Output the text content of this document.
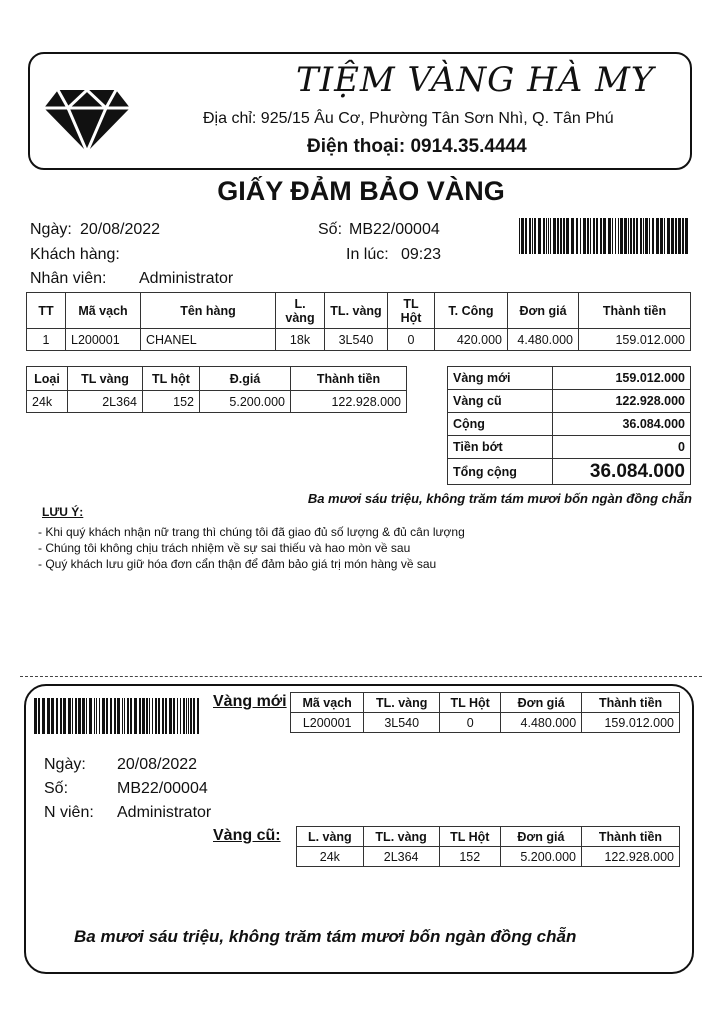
TIỆM VÀNG HÀ MY
Địa chỉ: 925/15 Âu Cơ, Phường Tân Sơn Nhì, Q. Tân Phú
Điện thoại: 0914.35.4444
GIẤY ĐẢM BẢO VÀNG
Ngày: 20/08/2022	Số: MB22/00004
Khách hàng:	In lúc: 09:23
Nhân viên: Administrator
TT	Mã vạch	Tên hàng	L. vàng	TL. vàng	TL Hột	T. Công	Đơn giá	Thành tiền
1	L200001	CHANEL	18k	3L540	0	420.000	4.480.000	159.012.000
Loại	TL vàng	TL hột	Đ.giá	Thành tiền
24k	2L364	152	5.200.000	122.928.000
Vàng mới	159.012.000
Vàng cũ	122.928.000
Cộng	36.084.000
Tiền bớt	0
Tổng cộng	36.084.000
Ba mươi sáu triệu, không trăm tám mươi bốn ngàn đồng chẵn
LƯU Ý:
- Khi quý khách nhận nữ trang thì chúng tôi đã giao đủ số lượng & đủ cân lượng
- Chúng tôi không chịu trách nhiệm về sự sai thiếu và hao mòn về sau
- Quý khách lưu giữ hóa đơn cẩn thận để đảm bảo giá trị món hàng về sau
Vàng mới Mã vạch	TL. vàng	TL Hột	Đơn giá	Thành tiền
L200001	3L540	0	4.480.000	159.012.000
Ngày: 20/08/2022
Số:	MB22/00004
N viên: Administrator
Vàng cũ: L. vàng	TL. vàng	TL Hột	Đơn giá	Thành tiền
24k	2L364	152	5.200.000	122.928.000
Ba mươi sáu triệu, không trăm tám mươi bốn ngàn đồng chẵn
